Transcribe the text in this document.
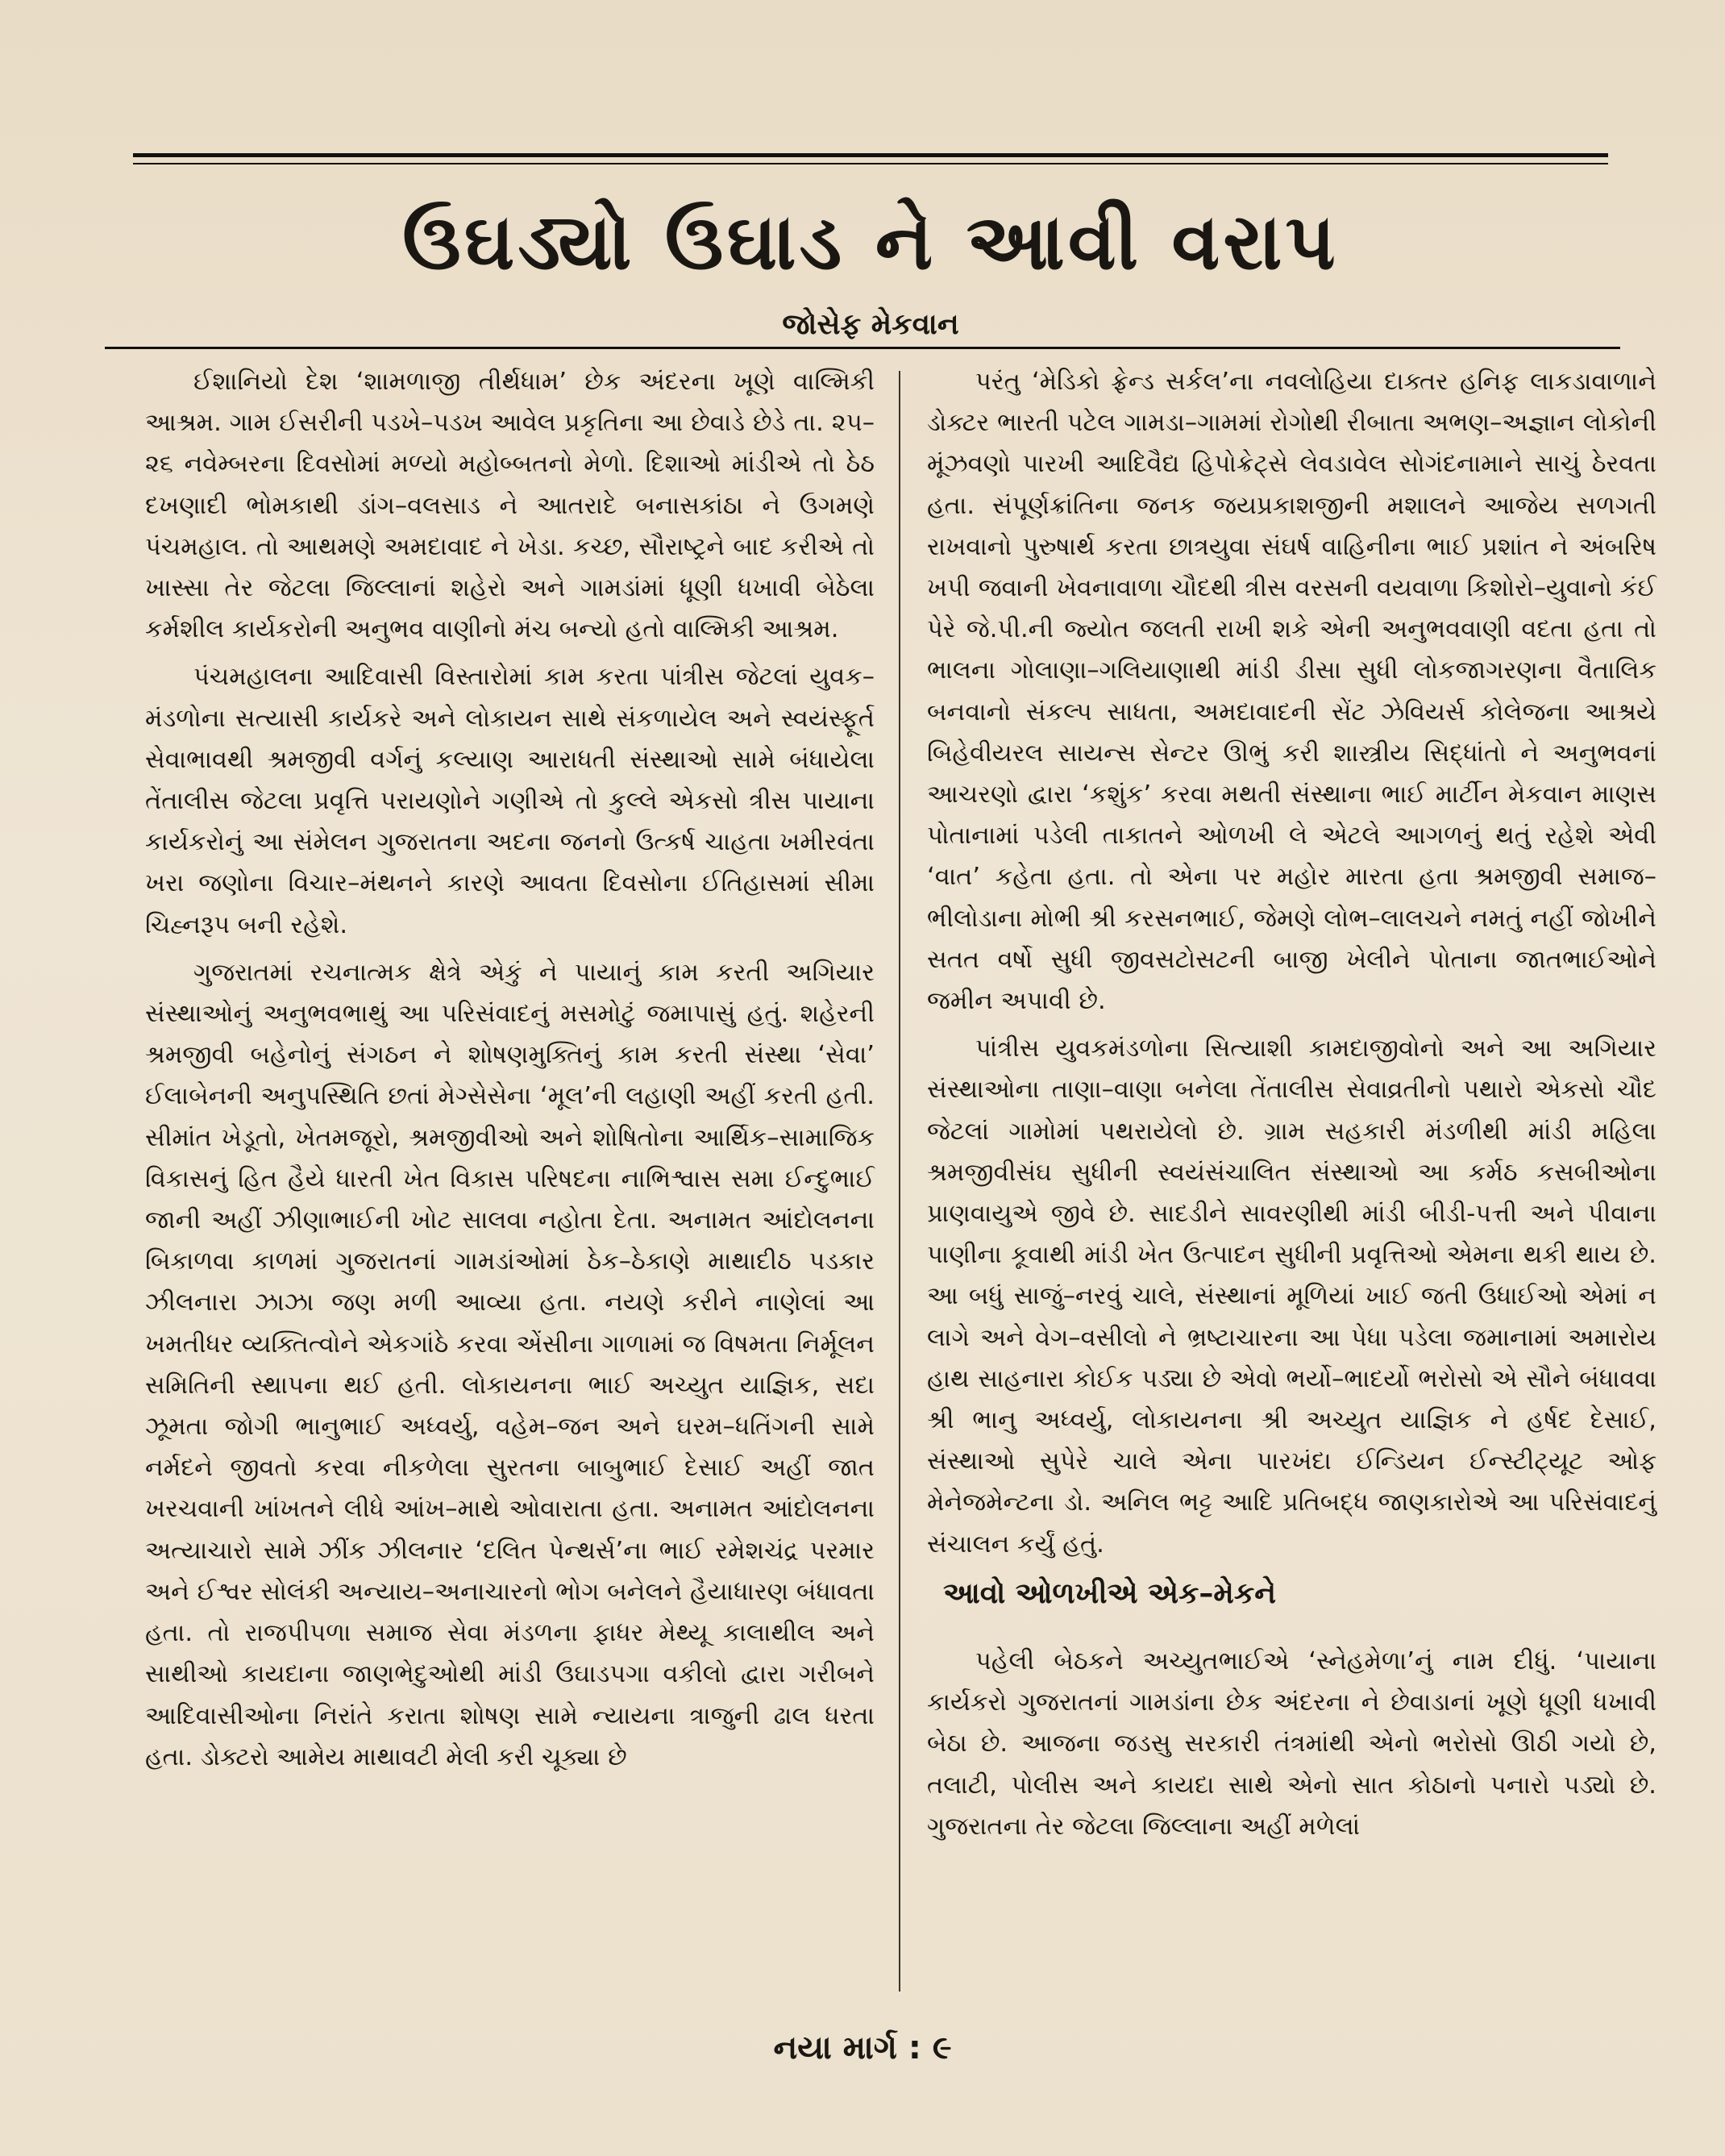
ઉઘડ્યો ઉઘાડ ને આવી વરાપ
જોસેફ મેકવાન

ઈશાનિયો દેશ ‘શામળાજી તીર્થધામ’ છેક અંદરના ખૂણે વાલ્મિકી આશ્રમ. ગામ ઈસરીની પડખે–પડખ આવેલ પ્રકૃતિના આ છેવાડે છેડે તા. ૨૫–૨૬ નવેમ્બરના દિવસોમાં મળ્યો મહોબ્બતનો મેળો. દિશાઓ માંડીએ તો ઠેઠ દખણાદી ભોમકાથી ડાંગ–વલસાડ ને આતરાદે બનાસકાંઠા ને ઉગમણે પંચમહાલ. તો આથમણે અમદાવાદ ને ખેડા. કચ્છ, સૌરાષ્ટ્રને બાદ કરીએ તો ખાસ્સા તેર જેટલા જિલ્લાનાં શહેરો અને ગામડાંમાં ધૂણી ધખાવી બેઠેલા કર્મશીલ કાર્યકરોની અનુભવ વાણીનો મંચ બન્યો હતો વાલ્મિકી આશ્રમ.

પંચમહાલના આદિવાસી વિસ્તારોમાં કામ કરતા પાંત્રીસ જેટલાં યુવક–મંડળોના સત્યાસી કાર્યકરે અને લોકાયન સાથે સંકળાયેલ અને સ્વયંસ્ફૂર્ત સેવાભાવથી શ્રમજીવી વર્ગનું કલ્યાણ આરાધતી સંસ્થાઓ સામે બંધાયેલા તેંતાલીસ જેટલા પ્રવૃત્તિ પરાયણોને ગણીએ તો કુલ્લે એકસો ત્રીસ પાયાના કાર્યકરોનું આ સંમેલન ગુજરાતના અદના જનનો ઉત્કર્ષ ચાહતા ખમીરવંતા ખરા જણોના વિચાર–મંથનને કારણે આવતા દિવસોના ઈતિહાસમાં સીમા ચિહ્નરૂપ બની રહેશે.

ગુજરાતમાં રચનાત્મક ક્ષેત્રે એકું ને પાયાનું કામ કરતી અગિયાર સંસ્થાઓનું અનુભવભાથું આ પરિસંવાદનું મસમોટું જમાપાસું હતું. શહેરની શ્રમજીવી બહેનોનું સંગઠન ને શોષણમુક્તિનું કામ કરતી સંસ્થા ‘સેવા’ ઈલાબેનની અનુપસ્થિતિ છતાં મેગ્સેસેના ‘મૂલ’ની લહાણી અહીં કરતી હતી. સીમાંત ખેડૂતો, ખેતમજૂરો, શ્રમજીવીઓ અને શોષિતોના આર્થિક–સામાજિક વિકાસનું હિત હૈયે ધારતી ખેત વિકાસ પરિષદના નાભિશ્વાસ સમા ઈન્દુભાઈ જાની અહીં ઝીણાભાઈની ખોટ સાલવા નહોતા દેતા. અનામત આંદોલનના બિકાળવા કાળમાં ગુજરાતનાં ગામડાંઓમાં ઠેક–ઠેકાણે માથાદીઠ પડકાર ઝીલનારા ઝાઝા જણ મળી આવ્યા હતા. નયણે કરીને નાણેલાં આ ખમતીધર વ્યક્તિત્વોને એકગાંઠે કરવા એંસીના ગાળામાં જ વિષમતા નિર્મૂલન સમિતિની સ્થાપના થઈ હતી. લોકાયનના ભાઈ અચ્યુત યાજ્ઞિક, સદા ઝૂમતા જોગી ભાનુભાઈ અધ્વર્યુ, વહેમ–જન અને ઘરમ–ધતિંગની સામે નર્મદને જીવતો કરવા નીકળેલા સુરતના બાબુભાઈ દેસાઈ અહીં જાત ખરચવાની ખાંખતને લીધે આંખ–માથે ઓવારાતા હતા. અનામત આંદોલનના અત્યાચારો સામે ઝીંક ઝીલનાર ‘દલિત પેન્થર્સ’ના ભાઈ રમેશચંદ્ર પરમાર અને ઈશ્વર સોલંકી અન્યાય–અનાચારનો ભોગ બનેલને હૈયાધારણ બંધાવતા હતા. તો રાજપીપળા સમાજ સેવા મંડળના ફાધર મેથ્યૂ કાલાથીલ અને સાથીઓ કાયદાના જાણભેદુઓથી માંડી ઉઘાડપગા વકીલો દ્વારા ગરીબને આદિવાસીઓના નિરાંતે કરાતા શોષણ સામે ન્યાયના ત્રાજુની ઢાલ ધરતા હતા. ડોક્ટરો આમેય માથાવટી મેલી કરી ચૂક્યા છે

પરંતુ ‘મેડિકો ફ્રેન્ડ સર્કલ’ના નવલોહિયા દાક્તર હનિફ લાકડાવાળાને ડોક્ટર ભારતી પટેલ ગામડા–ગામમાં રોગોથી રીબાતા અભણ–અજ્ઞાન લોકોની મૂંઝવણો પારખી આદિવૈદ્ય હિપોક્રેટ્સે લેવડાવેલ સોગંદનામાને સાચું ઠેરવતા હતા. સંપૂર્ણક્રાંતિના જનક જયપ્રકાશજીની મશાલને આજેય સળગતી રાખવાનો પુરુષાર્થ કરતા છાત્રયુવા સંઘર્ષ વાહિનીના ભાઈ પ્રશાંત ને અંબરિષ ખપી જવાની ખેવનાવાળા ચૌદથી ત્રીસ વરસની વયવાળા કિશોરો–યુવાનો કંઈ પેરે જે.પી.ની જ્યોત જલતી રાખી શકે એની અનુભવવાણી વદતા હતા તો ભાલના ગોલાણા–ગલિયાણાથી માંડી ડીસા સુધી લોકજાગરણના વૈતાલિક બનવાનો સંકલ્પ સાધતા, અમદાવાદની સેંટ ઝેવિયર્સ કોલેજના આશ્રયે બિહેવીયરલ સાયન્સ સેન્ટર ઊભું કરી શાસ્ત્રીય સિદ્ધાંતો ને અનુભવનાં આચરણો દ્વારા ‘કશુંક’ કરવા મથતી સંસ્થાના ભાઈ માર્ટીન મેકવાન માણસ પોતાનામાં પડેલી તાકાતને ઓળખી લે એટલે આગળનું થતું રહેશે એવી ‘વાત’ કહેતા હતા. તો એના પર મહોર મારતા હતા શ્રમજીવી સમાજ–ભીલોડાના મોભી શ્રી કરસનભાઈ, જેમણે લોભ–લાલચને નમતું નહીં જોખીને સતત વર્ષો સુધી જીવસટોસટની બાજી ખેલીને પોતાના જાતભાઈઓને જમીન અપાવી છે.

પાંત્રીસ યુવકમંડળોના સિત્યાશી કામદાજીવોનો અને આ અગિયાર સંસ્થાઓના તાણા–વાણા બનેલા તેંતાલીસ સેવાવ્રતીનો પથારો એકસો ચૌદ જેટલાં ગામોમાં પથરાયેલો છે. ગ્રામ સહકારી મંડળીથી માંડી મહિલા શ્રમજીવીસંઘ સુધીની સ્વયંસંચાલિત સંસ્થાઓ આ કર્મઠ કસબીઓના પ્રાણવાયુએ જીવે છે. સાદડીને સાવરણીથી માંડી બીડી-પત્તી અને પીવાના પાણીના કૂવાથી માંડી ખેત ઉત્પાદન સુધીની પ્રવૃત્તિઓ એમના થકી થાય છે. આ બધું સાજું–નરવું ચાલે, સંસ્થાનાં મૂળિયાં ખાઈ જતી ઉધાઈઓ એમાં ન લાગે અને વેગ–વસીલો ને ભ્રષ્ટાચારના આ પેધા પડેલા જમાનામાં અમારોય હાથ સાહનારા કોઈક પડ્યા છે એવો ભર્યો–ભાદર્યો ભરોસો એ સૌને બંધાવવા શ્રી ભાનુ અધ્વર્યુ, લોકાયનના શ્રી અચ્યુત યાજ્ઞિક ને હર્ષદ દેસાઈ, સંસ્થાઓ સુપેરે ચાલે એના પારખંદા ઈન્ડિયન ઈન્સ્ટીટ્યૂટ ઓફ મેનેજમેન્ટના ડો. અનિલ ભટ્ટ આદિ પ્રતિબદ્ધ જાણકારોએ આ પરિસંવાદનું સંચાલન કર્યું હતું.

આવો ઓળખીએ એક–મેકને

પહેલી બેઠકને અચ્યુતભાઈએ ‘સ્નેહમેળા’નું નામ દીધું. ‘પાયાના કાર્યકરો ગુજરાતનાં ગામડાંના છેક અંદરના ને છેવાડાનાં ખૂણે ધૂણી ધખાવી બેઠા છે. આજના જડસુ સરકારી તંત્રમાંથી એનો ભરોસો ઊઠી ગયો છે, તલાટી, પોલીસ અને કાયદા સાથે એનો સાત કોઠાનો પનારો પડ્યો છે. ગુજરાતના તેર જેટલા જિલ્લાના અહીં મળેલાં

નયા માર્ગ : ૯
